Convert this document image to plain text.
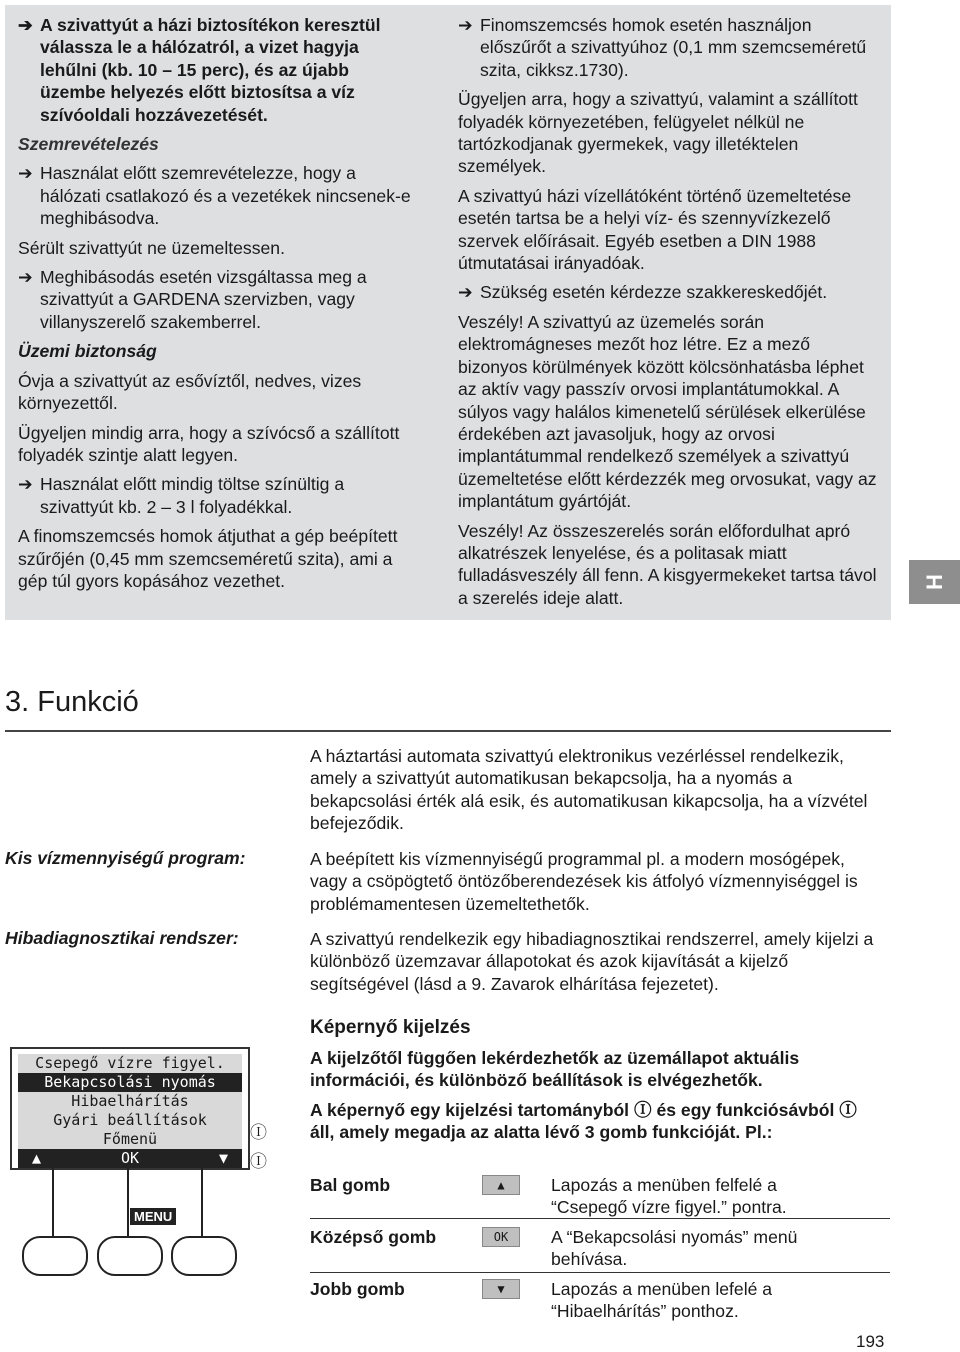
➔ A szivattyút a házi biztosítékon keresztül válassza le a hálózatról, a vizet hagyja lehűlni (kb. 10 – 15 perc), és az újabb üzembe helyezés előtt biztosítsa a víz szívóoldali hozzávezetését.

Szemrevételezés

➔ Használat előtt szemrevételezze, hogy a hálózati csatlakozó és a vezetékek nincsenek-e meghibásodva.

Sérült szivattyút ne üzemeltessen.

➔ Meghibásodás esetén vizsgáltassa meg a szivattyút a GARDENA szervizben, vagy villanyszerelő szakemberrel.

Üzemi biztonság

Óvja a szivattyút az esővíztől, nedves, vizes környezettől.

Ügyeljen mindig arra, hogy a szívócső a szállított folyadék szintje alatt legyen.

➔ Használat előtt mindig töltse színültig a szivattyút kb. 2 – 3 l folyadékkal.

A finomszemcsés homok átjuthat a gép beépített szűrőjén (0,45 mm szemcseméretű szita), ami a gép túl gyors kopásához vezethet.

➔ Finomszemcsés homok esetén használjon előszűrőt a szivattyúhoz (0,1 mm szemcseméretű szita, cikksz.1730).

Ügyeljen arra, hogy a szivattyú, valamint a szállított folyadék környezetében, felügyelet nélkül ne tartózkodjanak gyermekek, vagy illetéktelen személyek.

A szivattyú házi vízellátóként történő üzemeltetése esetén tartsa be a helyi víz- és szennyvízkezelő szervek előírásait. Egyéb esetben a DIN 1988 útmutatásai irányadóak.

➔ Szükség esetén kérdezze szakkereskedőjét.

Veszély! A szivattyú az üzemelés során elektromágneses mezőt hoz létre. Ez a mező bizonyos körülmények között kölcsönhatásba léphet az aktív vagy passzív orvosi implantátumokkal. A súlyos vagy halálos kimenetelű sérülések elkerülése érdekében azt javasoljuk, hogy az orvosi implantátummal rendelkező személyek a szivattyú üzemeltetése előtt kérdezzék meg orvosukat, vagy az implantátum gyártóját.

Veszély! Az összeszerelés során előfordulhat apró alkatrészek lenyelése, és a politasak miatt fulladásveszély áll fenn. A kisgyermekeket tartsa távol a szerelés ideje alatt.

H
3. Funkció
A háztartási automata szivattyú elektronikus vezérléssel rendelkezik, amely a szivattyút automatikusan bekapcsolja, ha a nyomás a bekapcsolási érték alá esik, és automatikusan kikapcsolja, ha a vízvétel befejeződik.
Kis vízmennyiségű program:	A beépített kis vízmennyiségű programmal pl. a modern mosógépek, vagy a csöpögtető öntözőberendezések kis átfolyó vízmennyiséggel is problémamentesen üzemeltethetők.
Hibadiagnosztikai rendszer:	A szivattyú rendelkezik egy hibadiagnosztikai rendszerrel, amely kijelzi a különböző üzemzavar állapotokat és azok kijavítását a kijelző segítségével (lásd a 9. Zavarok elhárítása fejezetet).
Csepegő vízre figyel.
Bekapcsolási nyomás
Hibaelhárítás
Gyári beállítások
Főmenü
▲	OK	▼
Ⓘ
Ⓘ
MENU
Képernyő kijelzés
A kijelzőtől függően lekérdezhetők az üzemállapot aktuális információi, és különböző beállítások is elvégezhetők.
A képernyő egy kijelzési tartományból Ⓘ és egy funkciósávból Ⓘ áll, amely megadja az alatta lévő 3 gomb funkcióját. Pl.:
Bal gomb	▲	Lapozás a menüben felfelé a “Csepegő vízre figyel.” pontra.
Középső gomb	OK	A “Bekapcsolási nyomás” menü behívása.
Jobb gomb	▼	Lapozás a menüben lefelé a “Hibaelhárítás” ponthoz.
193
